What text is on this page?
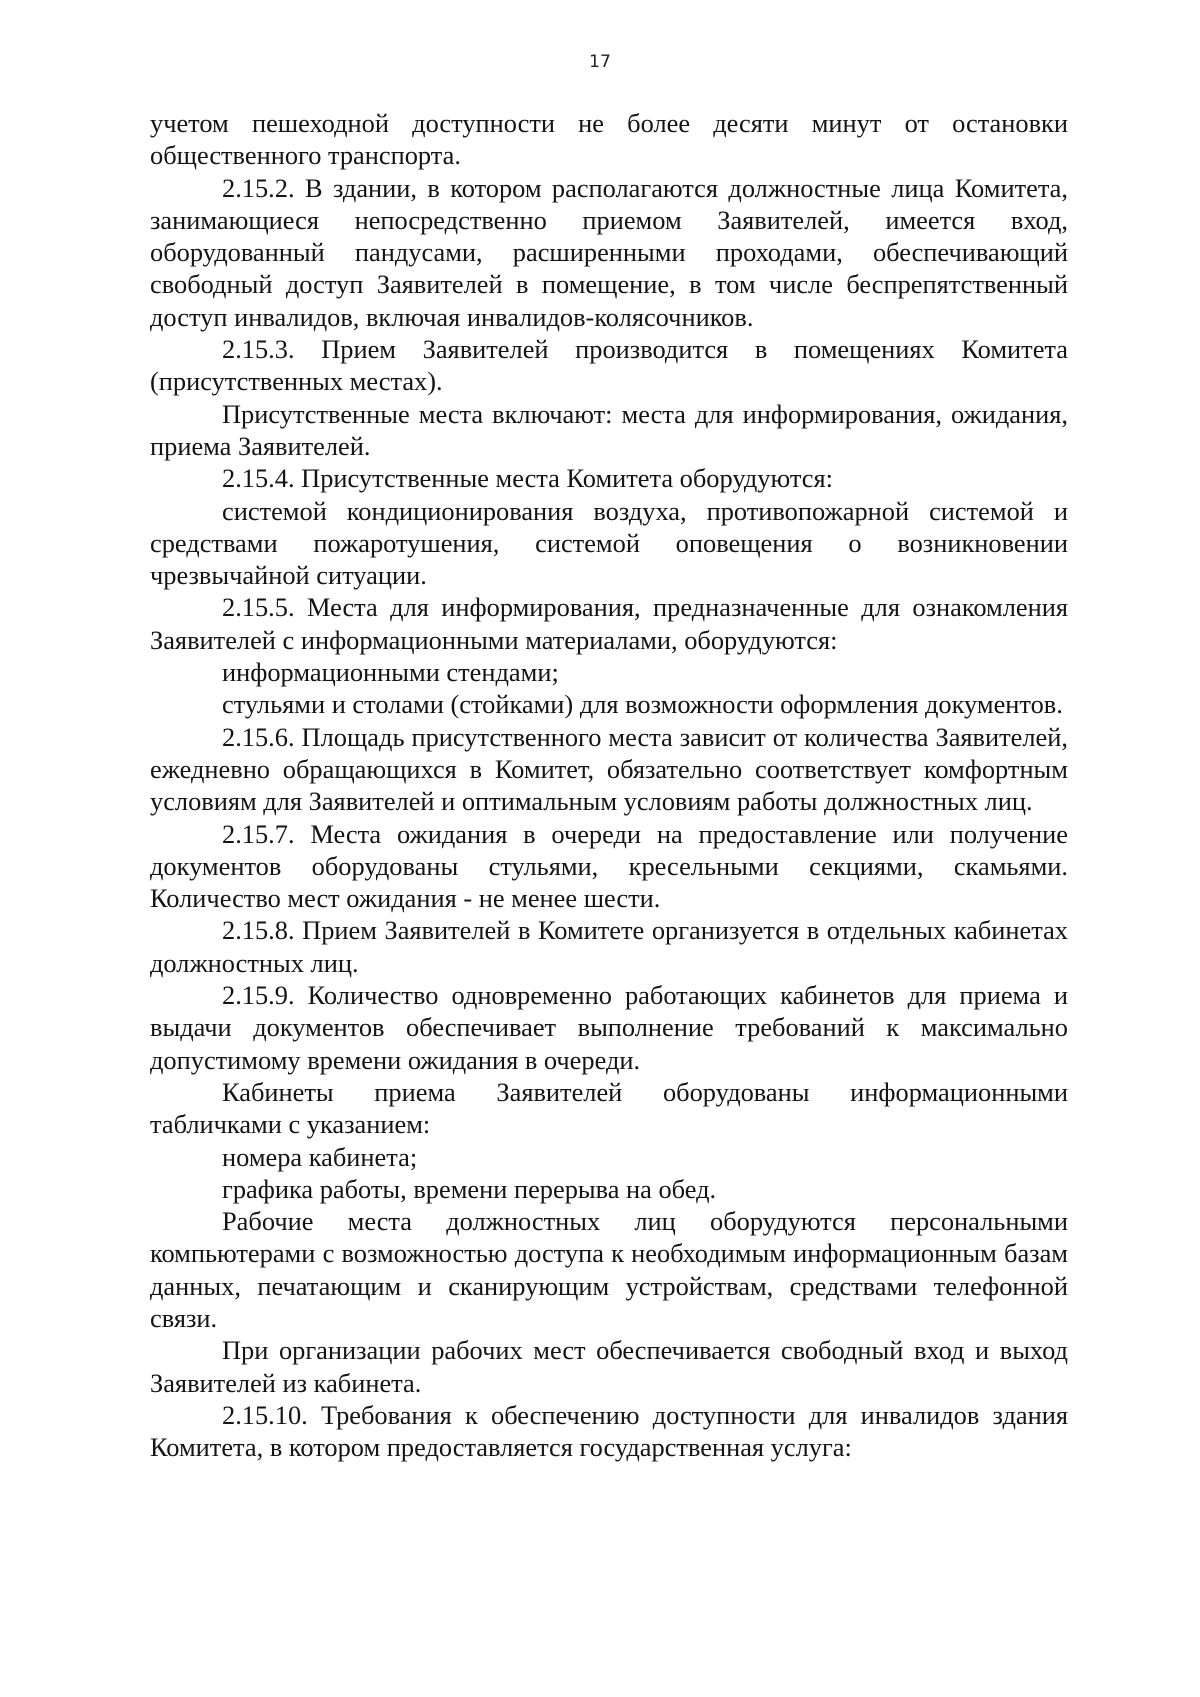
17

учетом пешеходной доступности не более десяти минут от остановки общественного транспорта.

2.15.2. В здании, в котором располагаются должностные лица Комитета, занимающиеся непосредственно приемом Заявителей, имеется вход, оборудованный пандусами, расширенными проходами, обеспечивающий свободный доступ Заявителей в помещение, в том числе беспрепятственный доступ инвалидов, включая инвалидов-колясочников.

2.15.3. Прием Заявителей производится в помещениях Комитета (присутственных местах).

Присутственные места включают: места для информирования, ожидания, приема Заявителей.

2.15.4. Присутственные места Комитета оборудуются:

системой кондиционирования воздуха, противопожарной системой и средствами пожаротушения, системой оповещения о возникновении чрезвычайной ситуации.

2.15.5. Места для информирования, предназначенные для ознакомления Заявителей с информационными материалами, оборудуются:

информационными стендами;

стульями и столами (стойками) для возможности оформления документов.

2.15.6. Площадь присутственного места зависит от количества Заявителей, ежедневно обращающихся в Комитет, обязательно соответствует комфортным условиям для Заявителей и оптимальным условиям работы должностных лиц.

2.15.7. Места ожидания в очереди на предоставление или получение документов оборудованы стульями, кресельными секциями, скамьями. Количество мест ожидания - не менее шести.

2.15.8. Прием Заявителей в Комитете организуется в отдельных кабинетах должностных лиц.

2.15.9. Количество одновременно работающих кабинетов для приема и выдачи документов обеспечивает выполнение требований к максимально допустимому времени ожидания в очереди.

Кабинеты приема Заявителей оборудованы информационными табличками с указанием:

номера кабинета;

графика работы, времени перерыва на обед.

Рабочие места должностных лиц оборудуются персональными компьютерами с возможностью доступа к необходимым информационным базам данных, печатающим и сканирующим устройствам, средствами телефонной связи.

При организации рабочих мест обеспечивается свободный вход и выход Заявителей из кабинета.

2.15.10. Требования к обеспечению доступности для инвалидов здания Комитета, в котором предоставляется государственная услуга:
